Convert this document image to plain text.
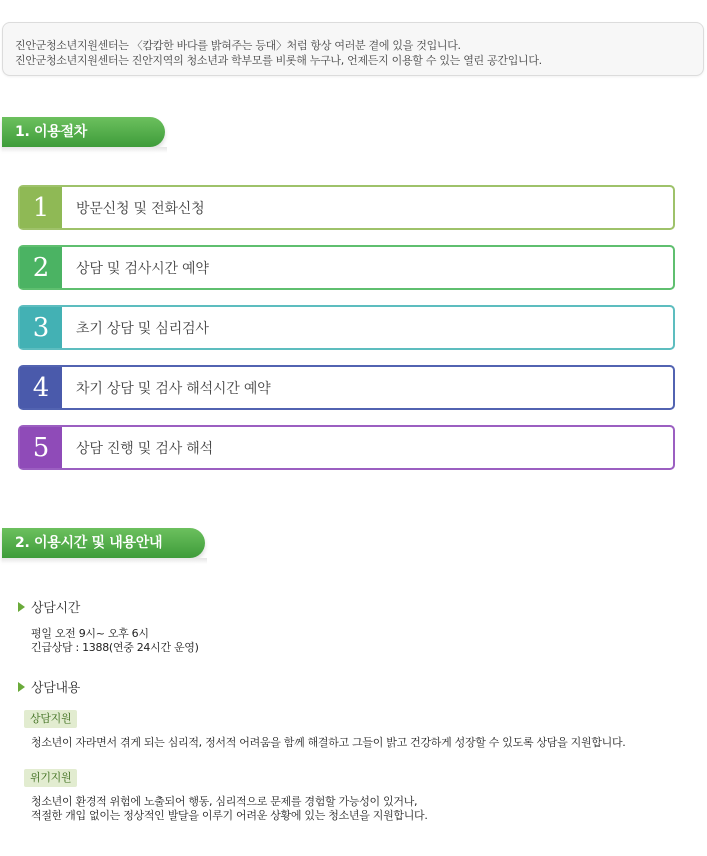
진안군청소년지원센터는 〈캄캄한 바다를 밝혀주는 등대〉처럼 항상 여러분 곁에 있을 것입니다.

진안군청소년지원센터는 진안지역의 청소년과 학부모를 비롯해 누구나, 언제든지 이용할 수 있는 열린 공간입니다.

1. 이용절차
1	방문신청 및 전화신청
2	상담 및 검사시간 예약
3	초기 상담 및 심리검사
4	차기 상담 및 검사 해석시간 예약
5	상담 진행 및 검사 해석
2. 이용시간 및 내용안내
상담시간
평일 오전 9시~ 오후 6시
긴급상담 : 1388(연중 24시간 운영)
상담내용
상담지원
청소년이 자라면서 겪게 되는 심리적, 정서적 어려움을 함께 해결하고 그들이 밝고 건강하게 성장할 수 있도록 상담을 지원합니다.
위기지원
청소년이 환경적 위험에 노출되어 행동, 심리적으로 문제를 경험할 가능성이 있거나,
적절한 개입 없이는 정상적인 발달을 이루기 어려운 상황에 있는 청소년을 지원합니다.
